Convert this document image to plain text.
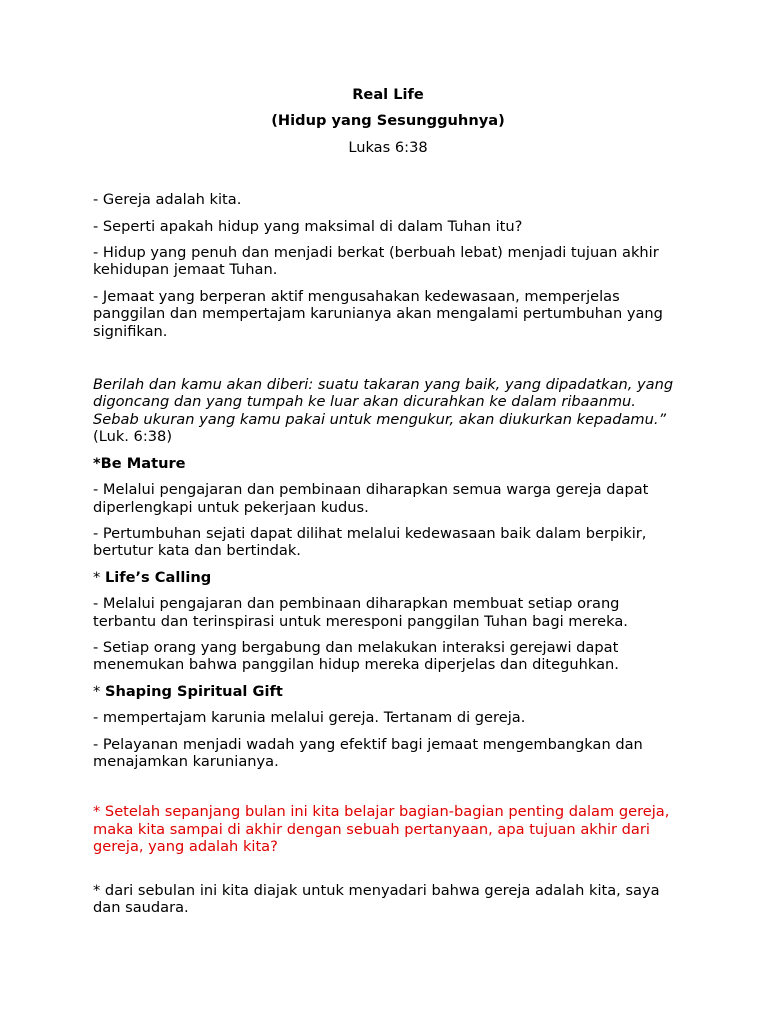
Real Life

(Hidup yang Sesungguhnya)

Lukas 6:38

- Gereja adalah kita.

- Seperti apakah hidup yang maksimal di dalam Tuhan itu?

- Hidup yang penuh dan menjadi berkat (berbuah lebat) menjadi tujuan akhir kehidupan jemaat Tuhan.

- Jemaat yang berperan aktif mengusahakan kedewasaan, memperjelas panggilan dan mempertajam karunianya akan mengalami pertumbuhan yang signifikan.

Berilah dan kamu akan diberi: suatu takaran yang baik, yang dipadatkan, yang digoncang dan yang tumpah ke luar akan dicurahkan ke dalam ribaanmu. Sebab ukuran yang kamu pakai untuk mengukur, akan diukurkan kepadamu.” (Luk. 6:38)

*Be Mature

- Melalui pengajaran dan pembinaan diharapkan semua warga gereja dapat diperlengkapi untuk pekerjaan kudus.

- Pertumbuhan sejati dapat dilihat melalui kedewasaan baik dalam berpikir, bertutur kata dan bertindak.

* Life’s Calling

- Melalui pengajaran dan pembinaan diharapkan membuat setiap orang terbantu dan terinspirasi untuk meresponi panggilan Tuhan bagi mereka.

- Setiap orang yang bergabung dan melakukan interaksi gerejawi dapat menemukan bahwa panggilan hidup mereka diperjelas dan diteguhkan.

* Shaping Spiritual Gift

- mempertajam karunia melalui gereja. Tertanam di gereja.

- Pelayanan menjadi wadah yang efektif bagi jemaat mengembangkan dan menajamkan karunianya.

* Setelah sepanjang bulan ini kita belajar bagian-bagian penting dalam gereja, maka kita sampai di akhir dengan sebuah pertanyaan, apa tujuan akhir dari gereja, yang adalah kita?

* dari sebulan ini kita diajak untuk menyadari bahwa gereja adalah kita, saya dan saudara.
